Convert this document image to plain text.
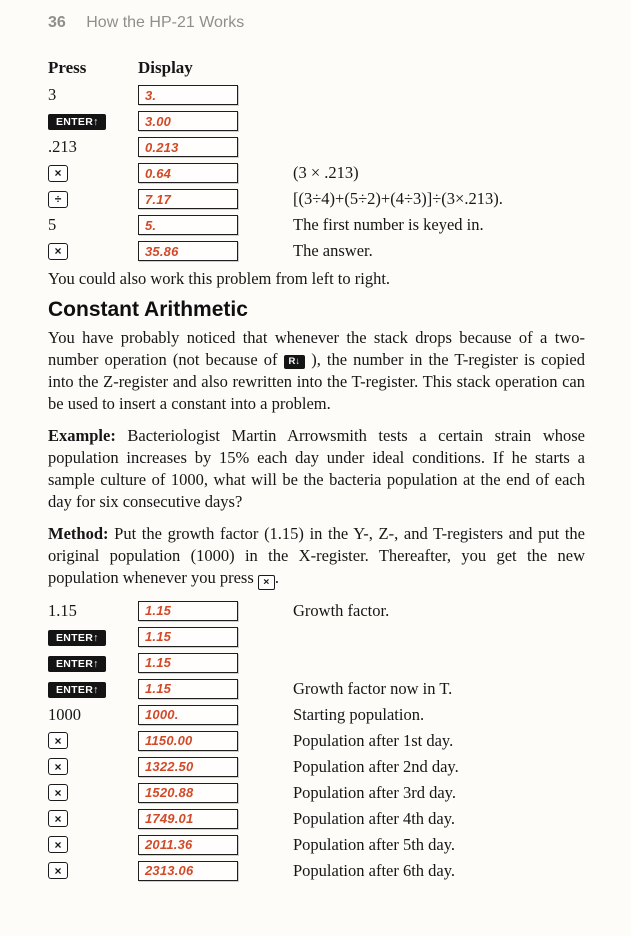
36 How the HP-21 Works
Press	Display
3	3.
ENTER↑	3.00
.213	0.213
×	0.64	(3 × .213)
÷	7.17	[(3÷4)+(5÷2)+(4÷3)]÷(3×.213).
5	5.	The first number is keyed in.
×	35.86	The answer.
You could also work this problem from left to right.
Constant Arithmetic

You have probably noticed that whenever the stack drops because of a two-number operation (not because of R↓ ), the number in the T-register is copied into the Z-register and also rewritten into the T-register. This stack operation can be used to insert a constant into a problem.

Example: Bacteriologist Martin Arrowsmith tests a certain strain whose population increases by 15% each day under ideal conditions. If he starts a sample culture of 1000, what will be the bacteria population at the end of each day for six consecutive days?

Method: Put the growth factor (1.15) in the Y-, Z-, and T-registers and put the original population (1000) in the X-register. Thereafter, you get the new population whenever you press × .

1.15	1.15	Growth factor.
ENTER↑	1.15
ENTER↑	1.15
ENTER↑	1.15	Growth factor now in T.
1000	1000.	Starting population.
×	1150.00	Population after 1st day.
×	1322.50	Population after 2nd day.
×	1520.88	Population after 3rd day.
×	1749.01	Population after 4th day.
×	2011.36	Population after 5th day.
×	2313.06	Population after 6th day.
